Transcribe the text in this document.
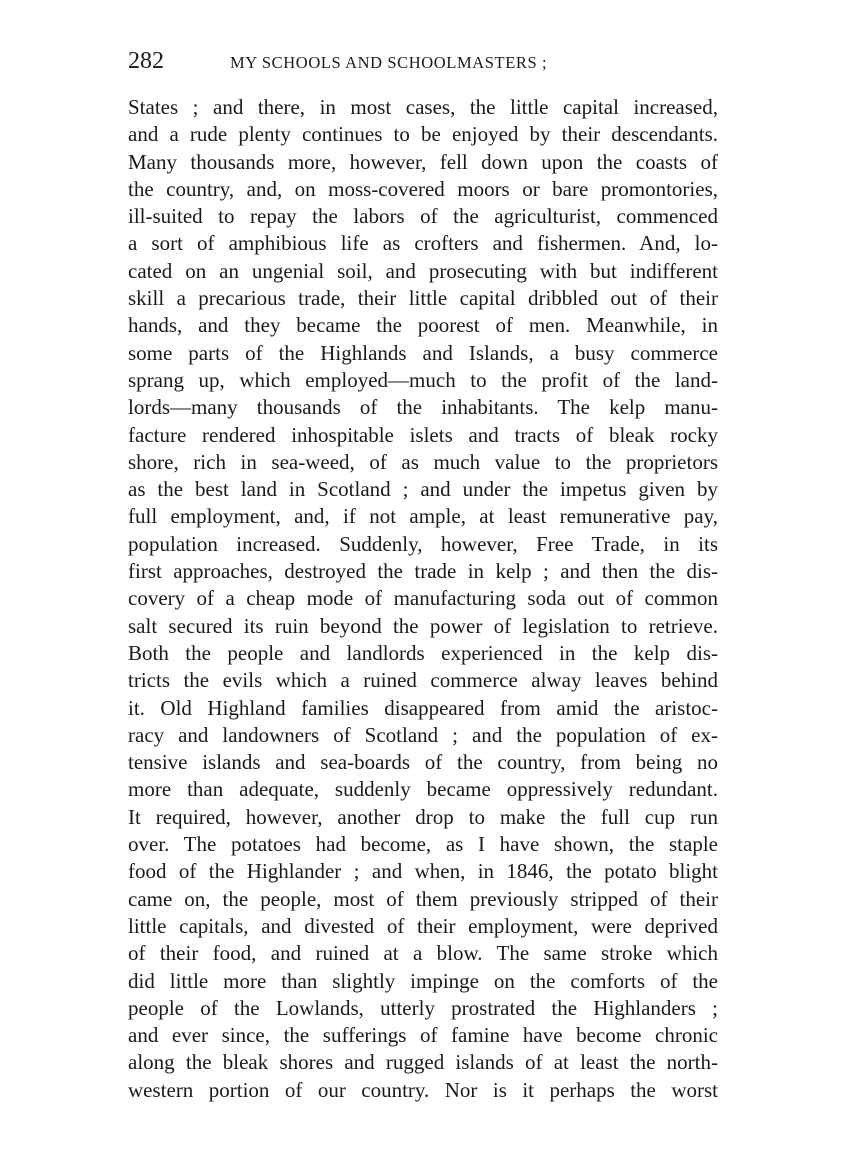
282	MY SCHOOLS AND SCHOOLMASTERS ;
States ; and there, in most cases, the little capital increased,
and a rude plenty continues to be enjoyed by their descendants.
Many thousands more, however, fell down upon the coasts of
the country, and, on moss-covered moors or bare promontories,
ill-suited to repay the labors of the agriculturist, commenced
a sort of amphibious life as crofters and fishermen. And, lo-
cated on an ungenial soil, and prosecuting with but indifferent
skill a precarious trade, their little capital dribbled out of their
hands, and they became the poorest of men. Meanwhile, in
some parts of the Highlands and Islands, a busy commerce
sprang up, which employed—much to the profit of the land-
lords—many thousands of the inhabitants. The kelp manu-
facture rendered inhospitable islets and tracts of bleak rocky
shore, rich in sea-weed, of as much value to the proprietors
as the best land in Scotland ; and under the impetus given by
full employment, and, if not ample, at least remunerative pay,
population increased. Suddenly, however, Free Trade, in its
first approaches, destroyed the trade in kelp ; and then the dis-
covery of a cheap mode of manufacturing soda out of common
salt secured its ruin beyond the power of legislation to retrieve.
Both the people and landlords experienced in the kelp dis-
tricts the evils which a ruined commerce alway leaves behind
it. Old Highland families disappeared from amid the aristoc-
racy and landowners of Scotland ; and the population of ex-
tensive islands and sea-boards of the country, from being no
more than adequate, suddenly became oppressively redundant.
It required, however, another drop to make the full cup run
over. The potatoes had become, as I have shown, the staple
food of the Highlander ; and when, in 1846, the potato blight
came on, the people, most of them previously stripped of their
little capitals, and divested of their employment, were deprived
of their food, and ruined at a blow. The same stroke which
did little more than slightly impinge on the comforts of the
people of the Lowlands, utterly prostrated the Highlanders ;
and ever since, the sufferings of famine have become chronic
along the bleak shores and rugged islands of at least the north-
western portion of our country. Nor is it perhaps the worst
